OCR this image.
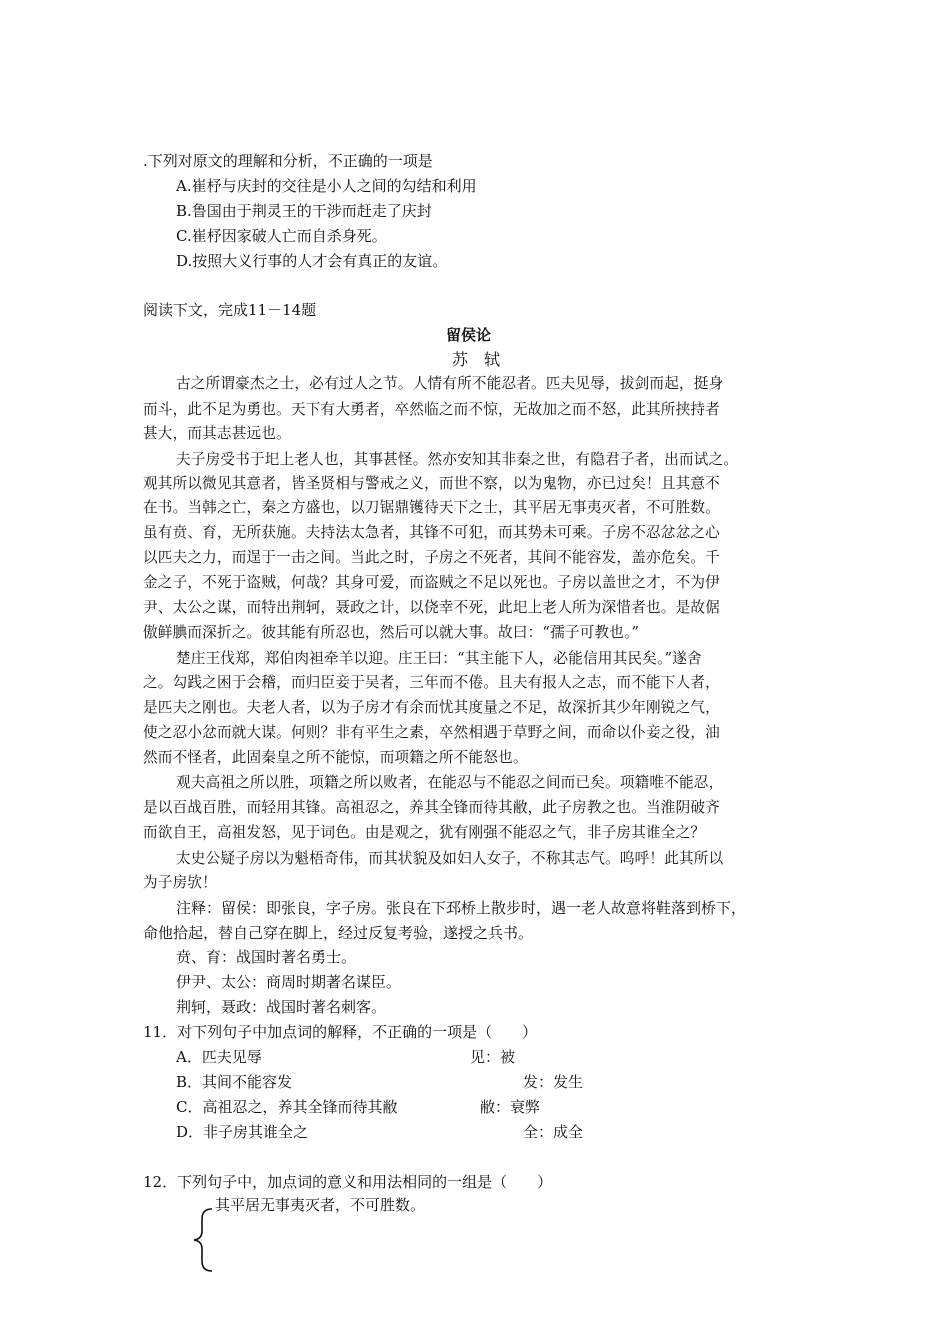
.下列对原文的理解和分析，不正确的一项是
A.崔杼与庆封的交往是小人之间的勾结和利用
B.鲁国由于荆灵王的干涉而赶走了庆封
C.崔杼因家破人亡而自杀身死。
D.按照大义行事的人才会有真正的友谊。
阅读下文，完成11－14题
留侯论
苏　轼
古之所谓豪杰之士，必有过人之节。人情有所不能忍者。匹夫见辱，拔剑而起，挺身
而斗，此不足为勇也。天下有大勇者，卒然临之而不惊，无故加之而不怒，此其所挟持者
甚大，而其志甚远也。
夫子房受书于圯上老人也，其事甚怪。然亦安知其非秦之世，有隐君子者，出而试之。
观其所以微见其意者，皆圣贤相与警戒之义，而世不察，以为鬼物，亦已过矣！且其意不
在书。当韩之亡，秦之方盛也，以刀锯鼎镬待天下之士，其平居无事夷灭者，不可胜数。
虽有贲、育，无所获施。夫持法太急者，其锋不可犯，而其势未可乘。子房不忍忿忿之心
以匹夫之力，而逞于一击之间。当此之时，子房之不死者，其间不能容发，盖亦危矣。千
金之子，不死于盗贼，何哉？其身可爱，而盗贼之不足以死也。子房以盖世之才，不为伊
尹、太公之谋，而特出荆轲，聂政之计，以侥幸不死，此圯上老人所为深惜者也。是故倨
傲鲜腆而深折之。彼其能有所忍也，然后可以就大事。故曰：“孺子可教也。”
楚庄王伐郑，郑伯肉袒牵羊以迎。庄王曰：“其主能下人，必能信用其民矣。”遂舍
之。勾践之困于会稽，而归臣妾于吴者，三年而不倦。且夫有报人之志，而不能下人者，
是匹夫之刚也。夫老人者，以为子房才有余而忧其度量之不足，故深折其少年刚锐之气，
使之忍小忿而就大谋。何则？非有平生之素，卒然相遇于草野之间，而命以仆妾之役，油
然而不怪者，此固秦皇之所不能惊，而项籍之所不能怒也。
观夫高祖之所以胜，项籍之所以败者，在能忍与不能忍之间而已矣。项籍唯不能忍，
是以百战百胜，而轻用其锋。高祖忍之，养其全锋而待其敝，此子房教之也。当淮阴破齐
而欲自王，高祖发怒，见于词色。由是观之，犹有刚强不能忍之气，非子房其谁全之？
太史公疑子房以为魁梧奇伟，而其状貌及如妇人女子，不称其志气。呜呼！此其所以
为子房欤！
注释：留侯：即张良，字子房。张良在下邳桥上散步时，遇一老人故意将鞋落到桥下，
命他拾起，替自己穿在脚上，经过反复考验，遂授之兵书。
贲、育：战国时著名勇士。
伊尹、太公：商周时期著名谋臣。
荆轲，聂政：战国时著名刺客。
11．对下列句子中加点词的解释，不正确的一项是（　　）
A．匹夫见辱	见：被
B．其间不能容发	发：发生
C．高祖忍之，养其全锋而待其敝	敝：衰弊
D．非子房其谁全之	全：成全
12．下列句子中，加点词的意义和用法相同的一组是（　　）
其平居无事夷灭者，不可胜数。
